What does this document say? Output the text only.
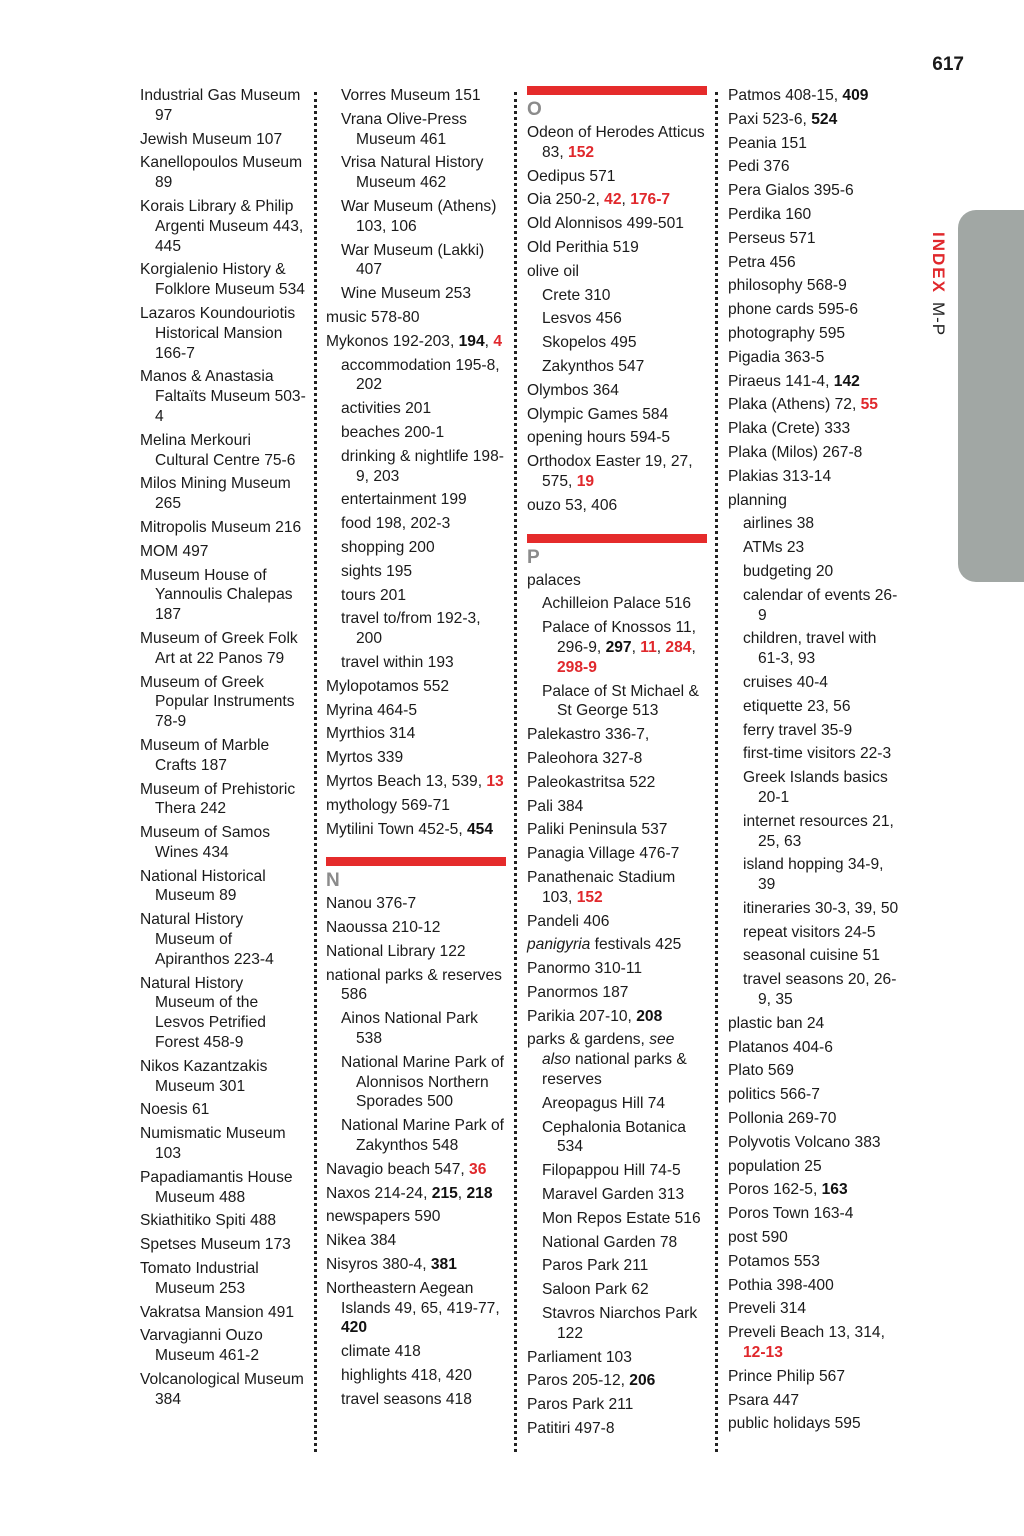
617
INDEXM-P
Industrial Gas Museum 97
Jewish Museum 107
Kanellopoulos Museum 89
Korais Library & Philip Argenti Museum 443, 445
Korgialenio History & Folklore Museum 534
Lazaros Koundouriotis Historical Mansion 166-7
Manos & Anastasia Faltaïts Museum 503-4
Melina Merkouri Cultural Centre 75-6
Milos Mining Museum 265
Mitropolis Museum 216
MOM 497
Museum House of Yannoulis Chalepas 187
Museum of Greek Folk Art at 22 Panos 79
Museum of Greek Popular Instruments 78-9
Museum of Marble Crafts 187
Museum of Prehistoric Thera 242
Museum of Samos Wines 434
National Historical Museum 89
Natural History Museum of Apiranthos 223-4
Natural History Museum of the Lesvos Petrified Forest 458-9
Nikos Kazantzakis Museum 301
Noesis 61
Numismatic Museum 103
Papadiamantis House Museum 488
Skiathitiko Spiti 488
Spetses Museum 173
Tomato Industrial Museum 253
Vakratsa Mansion 491
Varvagianni Ouzo Museum 461-2
Volcanological Museum 384
Vorres Museum 151
Vrana Olive-Press Museum 461
Vrisa Natural History Museum 462
War Museum (Athens) 103, 106
War Museum (Lakki) 407
Wine Museum 253
music 578-80
Mykonos 192-203, 194, 4
accommodation 195-8, 202
activities 201
beaches 200-1
drinking & nightlife 198-9, 203
entertainment 199
food 198, 202-3
shopping 200
sights 195
tours 201
travel to/from 192-3, 200
travel within 193
Mylopotamos 552
Myrina 464-5
Myrthios 314
Myrtos 339
Myrtos Beach 13, 539, 13
mythology 569-71
Mytilini Town 452-5, 454
N
Nanou 376-7
Naoussa 210-12
National Library 122
national parks & reserves 586
Ainos National Park 538
National Marine Park of Alonnisos Northern Sporades 500
National Marine Park of Zakynthos 548
Navagio beach 547, 36
Naxos 214-24, 215, 218
newspapers 590
Nikea 384
Nisyros 380-4, 381
Northeastern Aegean Islands 49, 65, 419-77, 420
climate 418
highlights 418, 420
travel seasons 418
O
Odeon of Herodes Atticus 83, 152
Oedipus 571
Oia 250-2, 42, 176-7
Old Alonnisos 499-501
Old Perithia 519
olive oil
Crete 310
Lesvos 456
Skopelos 495
Zakynthos 547
Olymbos 364
Olympic Games 584
opening hours 594-5
Orthodox Easter 19, 27, 575, 19
ouzo 53, 406
P
palaces
Achilleion Palace 516
Palace of Knossos 11, 296-9, 297, 11, 284, 298-9
Palace of St Michael & St George 513
Palekastro 336-7,
Paleohora 327-8
Paleokastritsa 522
Pali 384
Paliki Peninsula 537
Panagia Village 476-7
Panathenaic Stadium 103, 152
Pandeli 406
panigyria festivals 425
Panormo 310-11
Panormos 187
Parikia 207-10, 208
parks & gardens, see also national parks & reserves
Areopagus Hill 74
Cephalonia Botanica 534
Filopappou Hill 74-5
Maravel Garden 313
Mon Repos Estate 516
National Garden 78
Paros Park 211
Saloon Park 62
Stavros Niarchos Park 122
Parliament 103
Paros 205-12, 206
Paros Park 211
Patitiri 497-8
Patmos 408-15, 409
Paxi 523-6, 524
Peania 151
Pedi 376
Pera Gialos 395-6
Perdika 160
Perseus 571
Petra 456
philosophy 568-9
phone cards 595-6
photography 595
Pigadia 363-5
Piraeus 141-4, 142
Plaka (Athens) 72, 55
Plaka (Crete) 333
Plaka (Milos) 267-8
Plakias 313-14
planning
airlines 38
ATMs 23
budgeting 20
calendar of events 26-9
children, travel with 61-3, 93
cruises 40-4
etiquette 23, 56
ferry travel 35-9
first-time visitors 22-3
Greek Islands basics 20-1
internet resources 21, 25, 63
island hopping 34-9, 39
itineraries 30-3, 39, 50
repeat visitors 24-5
seasonal cuisine 51
travel seasons 20, 26-9, 35
plastic ban 24
Platanos 404-6
Plato 569
politics 566-7
Pollonia 269-70
Polyvotis Volcano 383
population 25
Poros 162-5, 163
Poros Town 163-4
post 590
Potamos 553
Pothia 398-400
Preveli 314
Preveli Beach 13, 314, 12-13
Prince Philip 567
Psara 447
public holidays 595
